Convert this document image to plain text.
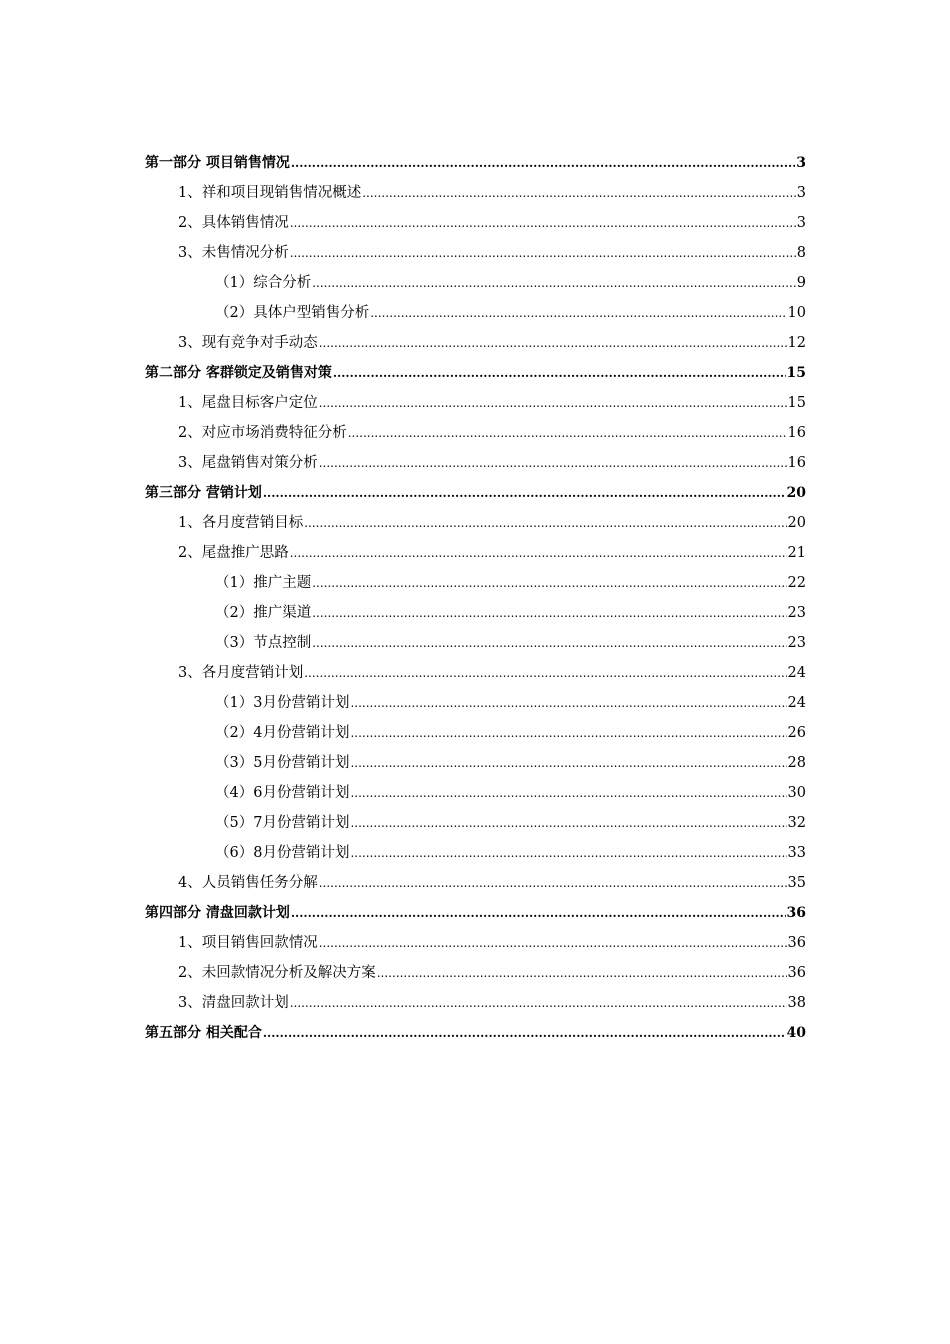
第一部分 项目销售情况 .....	3
1、祥和项目现销售情况概述 .....	3
2、具体销售情况 .....	3
3、未售情况分析 .....	8
（1）综合分析 .....	9
（2）具体户型销售分析 .....	10
3、现有竞争对手动态 .....	12
第二部分 客群锁定及销售对策 .....	15
1、尾盘目标客户定位 .....	15
2、对应市场消费特征分析 .....	16
3、尾盘销售对策分析 .....	16
第三部分 营销计划 .....	20
1、各月度营销目标 .....	20
2、尾盘推广思路 .....	21
（1）推广主题 .....	22
（2）推广渠道 .....	23
（3）节点控制 .....	23
3、各月度营销计划 .....	24
（1）3月份营销计划 .....	24
（2）4月份营销计划 .....	26
（3）5月份营销计划 .....	28
（4）6月份营销计划 .....	30
（5）7月份营销计划 .....	32
（6）8月份营销计划 .....	33
4、人员销售任务分解 .....	35
第四部分 清盘回款计划 .....	36
1、项目销售回款情况 .....	36
2、未回款情况分析及解决方案 .....	36
3、清盘回款计划 .....	38
第五部分 相关配合 .....	40
